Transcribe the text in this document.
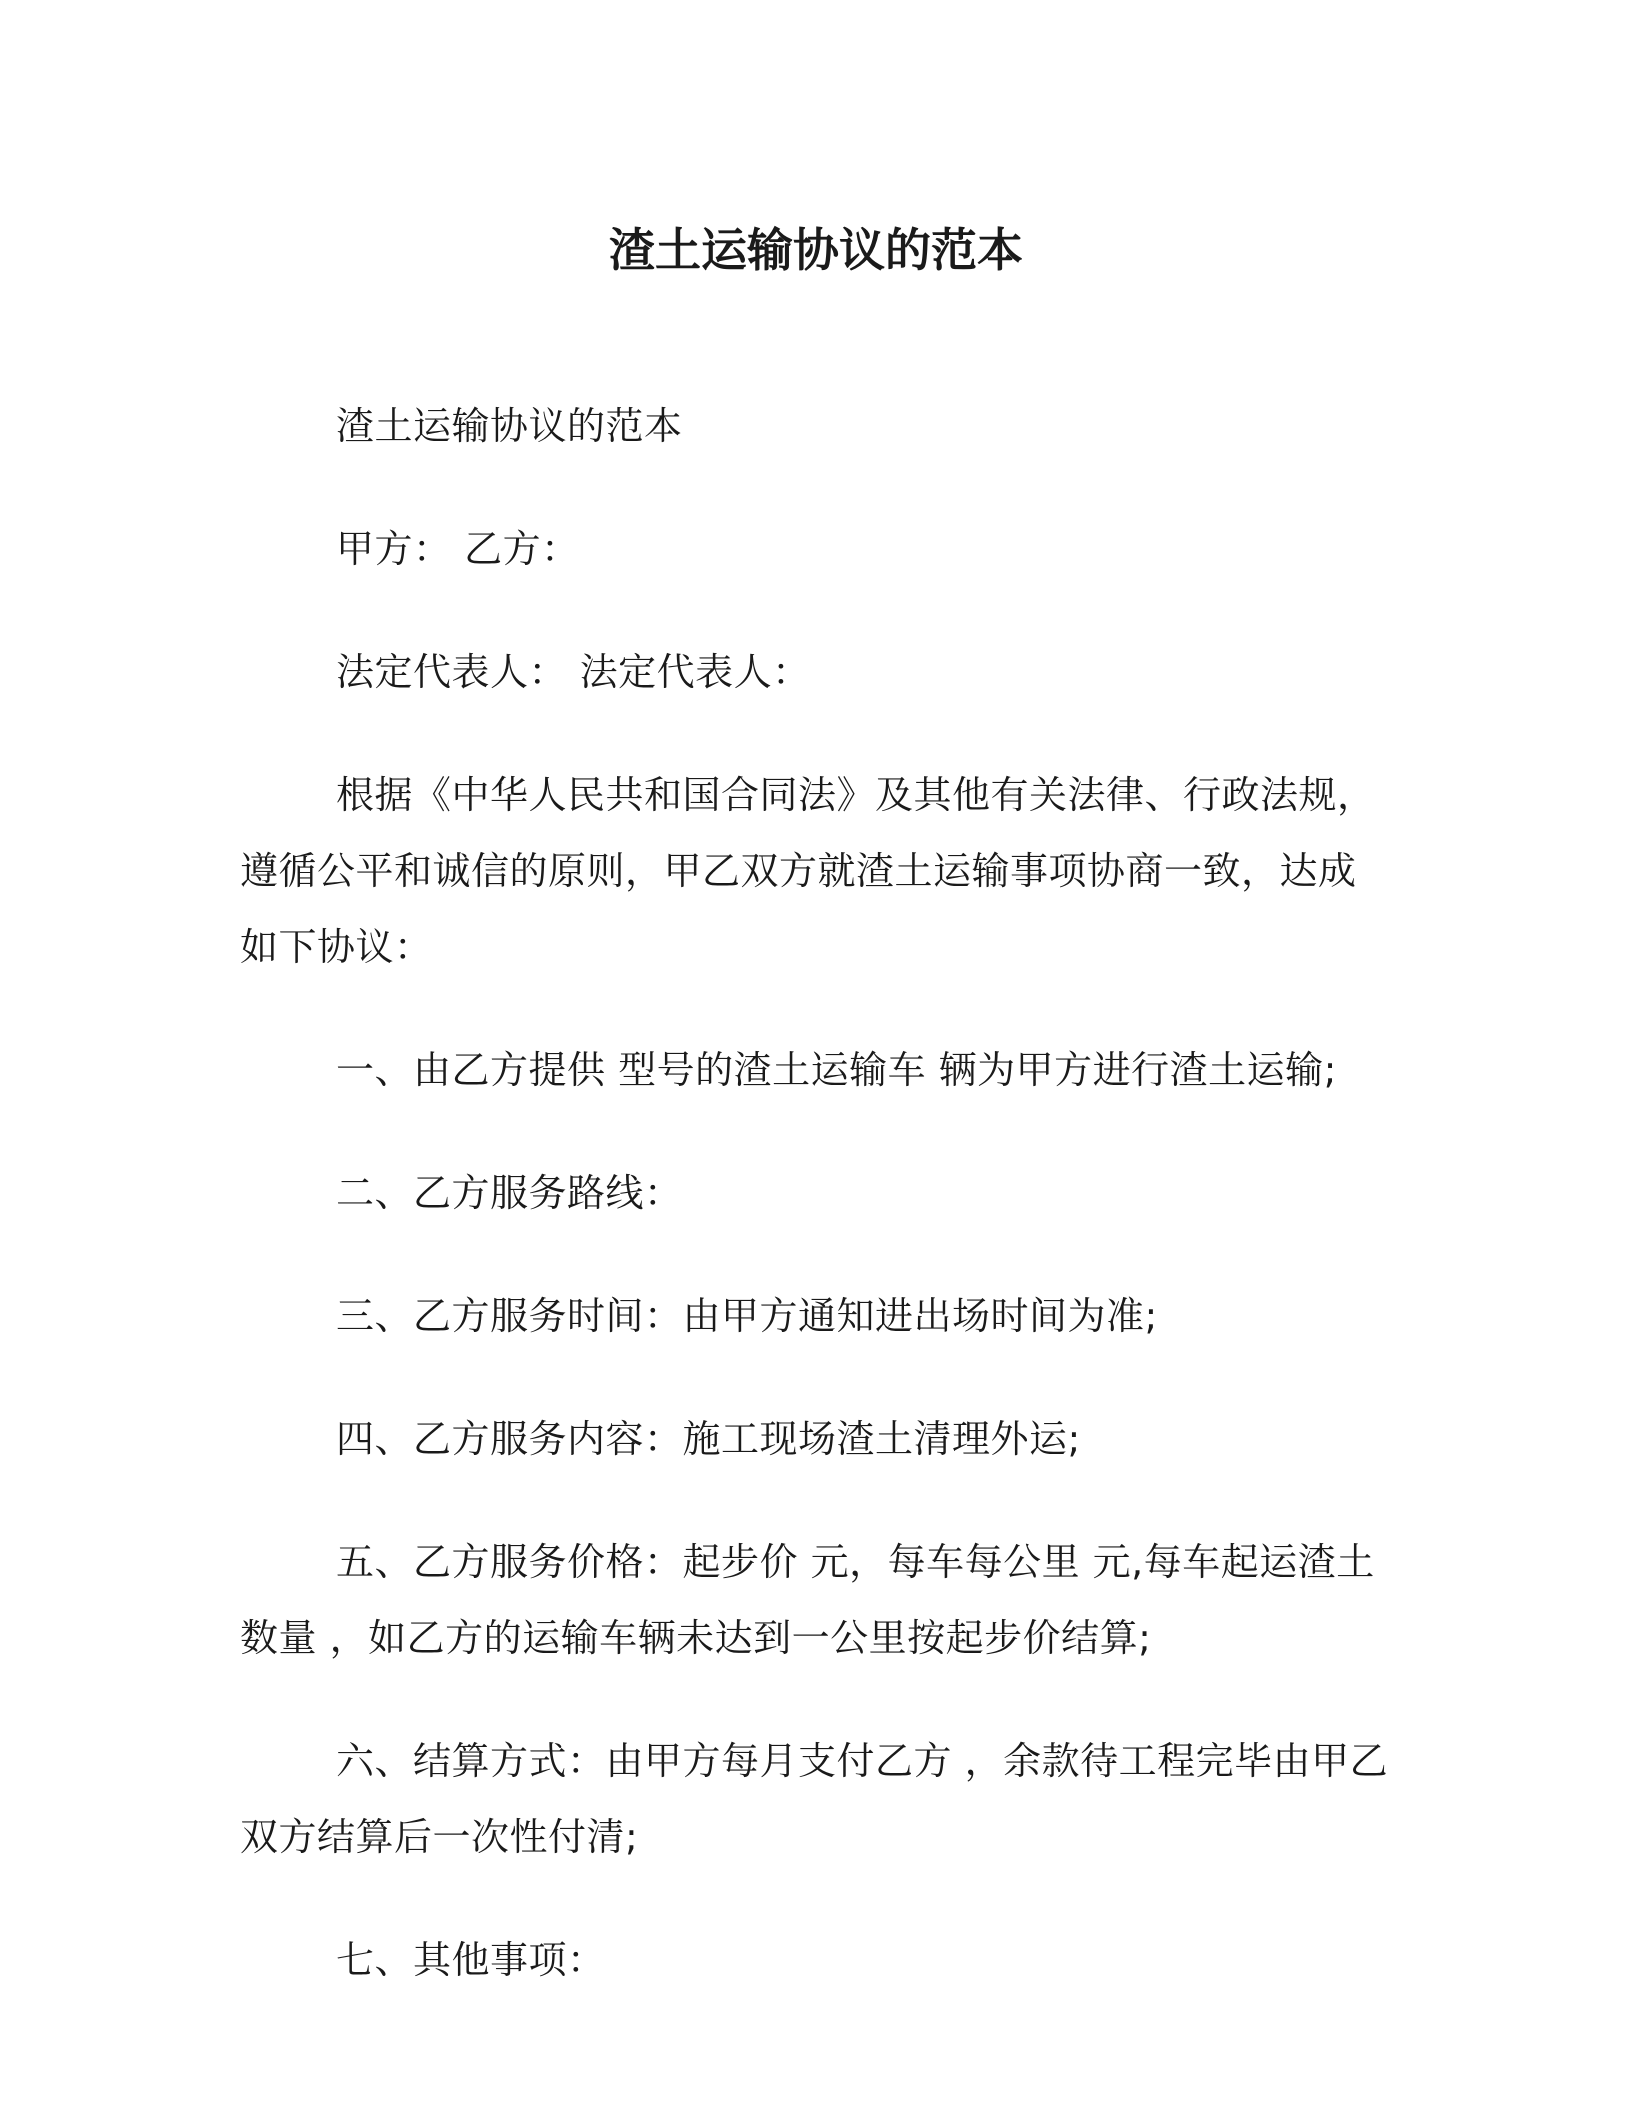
渣土运输协议的范本

渣土运输协议的范本

甲方： 乙方：

法定代表人： 法定代表人：

根据《中华人民共和国合同法》及其他有关法律、行政法规，遵循公平和诚信的原则，甲乙双方就渣土运输事项协商一致，达成如下协议：

一、由乙方提供 型号的渣土运输车 辆为甲方进行渣土运输;

二、乙方服务路线：

三、乙方服务时间：由甲方通知进出场时间为准;

四、乙方服务内容：施工现场渣土清理外运;

五、乙方服务价格：起步价 元，每车每公里 元,每车起运渣土数量 ，如乙方的运输车辆未达到一公里按起步价结算;

六、结算方式：由甲方每月支付乙方 ，余款待工程完毕由甲乙双方结算后一次性付清;

七、其他事项：
